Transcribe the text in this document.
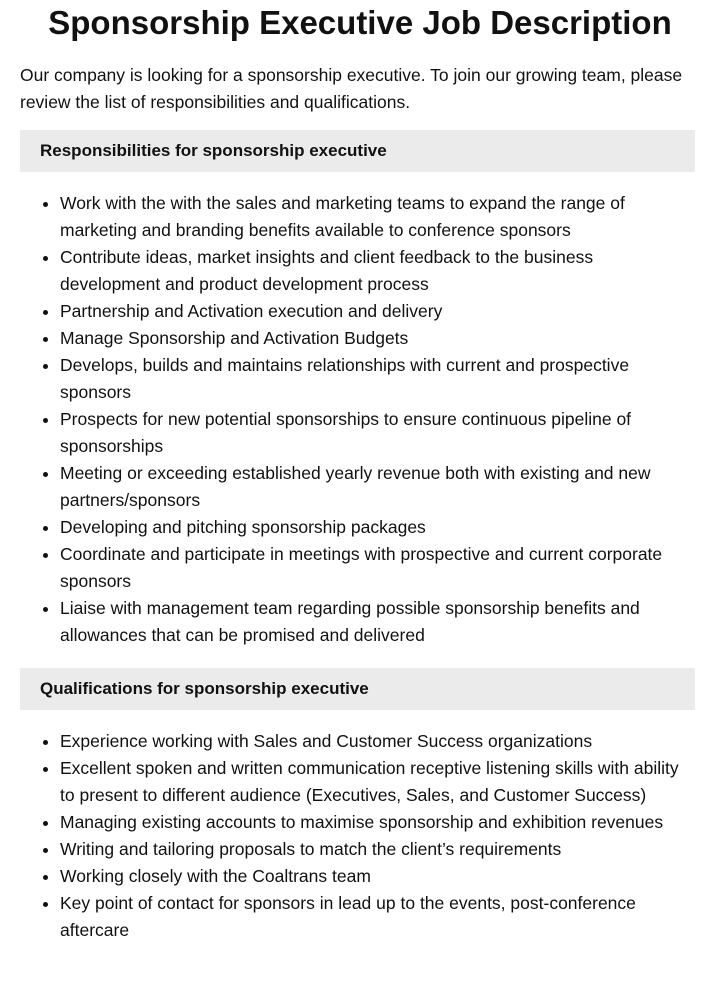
Sponsorship Executive Job Description

Our company is looking for a sponsorship executive. To join our growing team, please review the list of responsibilities and qualifications.

Responsibilities for sponsorship executive
• Work with the with the sales and marketing teams to expand the range of marketing and branding benefits available to conference sponsors
• Contribute ideas, market insights and client feedback to the business development and product development process
• Partnership and Activation execution and delivery
• Manage Sponsorship and Activation Budgets
• Develops, builds and maintains relationships with current and prospective sponsors
• Prospects for new potential sponsorships to ensure continuous pipeline of sponsorships
• Meeting or exceeding established yearly revenue both with existing and new partners/sponsors
• Developing and pitching sponsorship packages
• Coordinate and participate in meetings with prospective and current corporate sponsors
• Liaise with management team regarding possible sponsorship benefits and allowances that can be promised and delivered
Qualifications for sponsorship executive
• Experience working with Sales and Customer Success organizations
• Excellent spoken and written communication receptive listening skills with ability to present to different audience (Executives, Sales, and Customer Success)
• Managing existing accounts to maximise sponsorship and exhibition revenues
• Writing and tailoring proposals to match the client’s requirements
• Working closely with the Coaltrans team
• Key point of contact for sponsors in lead up to the events, post-conference aftercare
